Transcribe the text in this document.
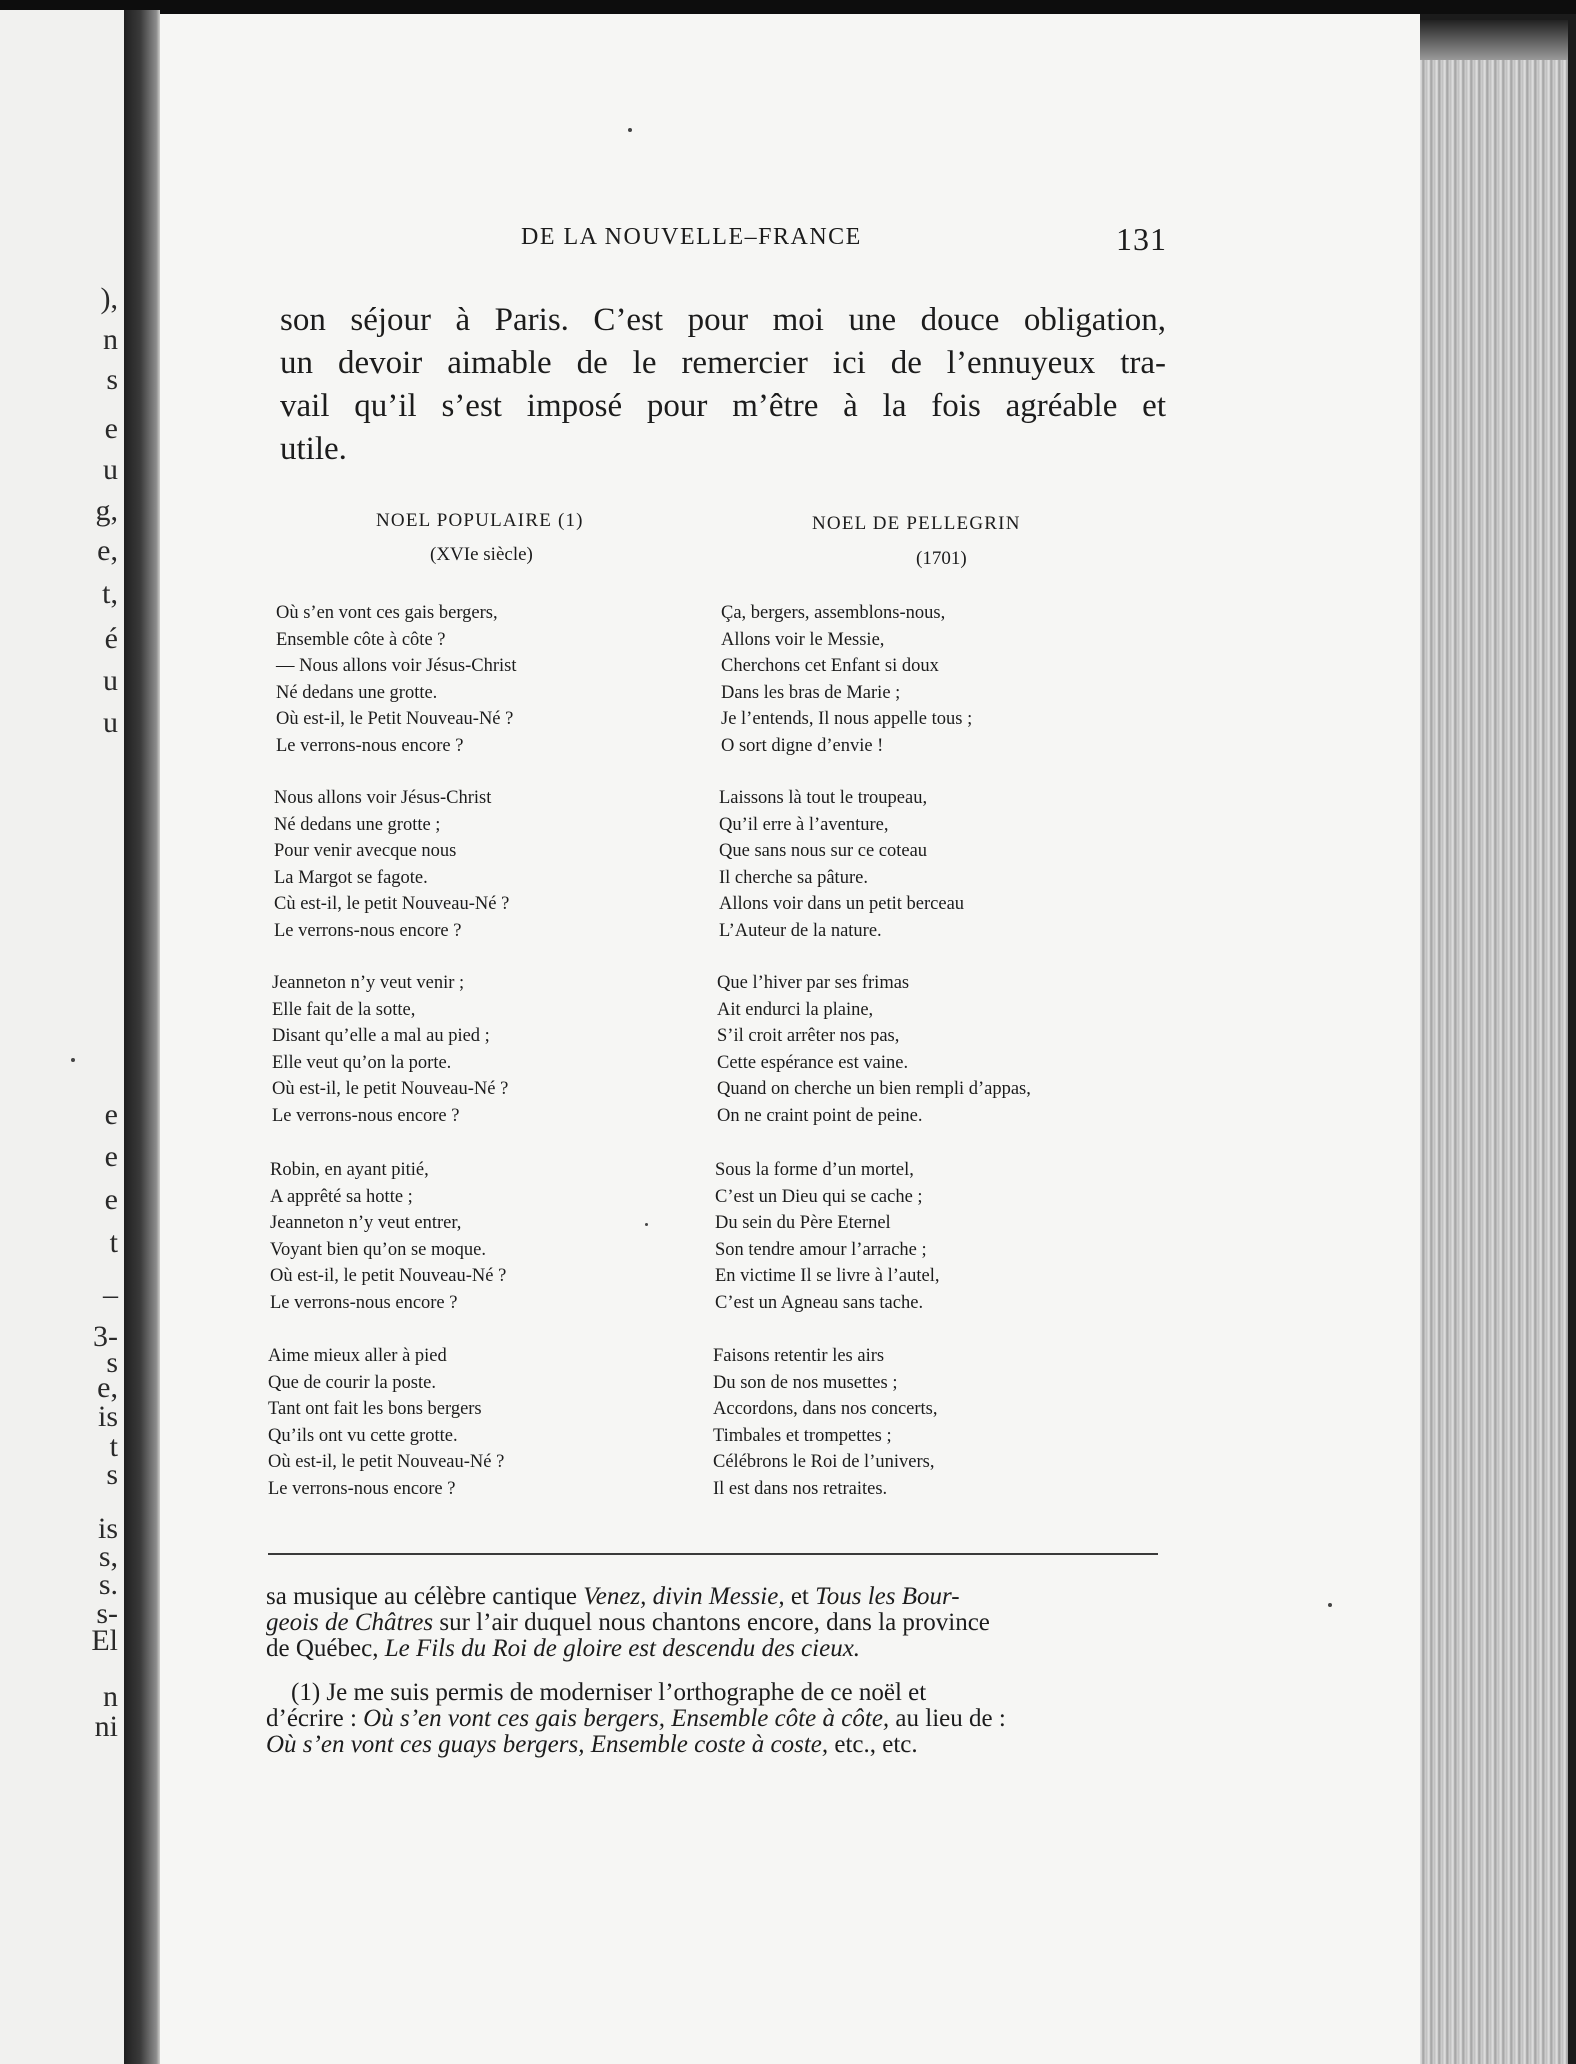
),
n
s
e
u
g,
e,
t,
é
u
u
e
e
e
t
–
3-
s
e,
is
t
s
is
s,
s.
s-
El
n
ni
DE LA NOUVELLE–FRANCE	131
son séjour à Paris. C’est pour moi une douce obligation,
un devoir aimable de le remercier ici de l’ennuyeux tra-
vail qu’il s’est imposé pour m’être à la fois agréable et
utile.
NOEL POPULAIRE (1)
(XVIe siècle)
NOEL DE PELLEGRIN
(1701)
Où s’en vont ces gais bergers,
Ensemble côte à côte ?
— Nous allons voir Jésus-Christ
Né dedans une grotte.
Où est-il, le Petit Nouveau-Né ?
Le verrons-nous encore ?
Nous allons voir Jésus-Christ
Né dedans une grotte ;
Pour venir avecque nous
La Margot se fagote.
Cù est-il, le petit Nouveau-Né ?
Le verrons-nous encore ?
Jeanneton n’y veut venir ;
Elle fait de la sotte,
Disant qu’elle a mal au pied ;
Elle veut qu’on la porte.
Où est-il, le petit Nouveau-Né ?
Le verrons-nous encore ?
Robin, en ayant pitié,
A apprêté sa hotte ;
Jeanneton n’y veut entrer,
Voyant bien qu’on se moque.
Où est-il, le petit Nouveau-Né ?
Le verrons-nous encore ?
Aime mieux aller à pied
Que de courir la poste.
Tant ont fait les bons bergers
Qu’ils ont vu cette grotte.
Où est-il, le petit Nouveau-Né ?
Le verrons-nous encore ?
Ça, bergers, assemblons-nous,
Allons voir le Messie,
Cherchons cet Enfant si doux
Dans les bras de Marie ;
Je l’entends, Il nous appelle tous ;
O sort digne d’envie !
Laissons là tout le troupeau,
Qu’il erre à l’aventure,
Que sans nous sur ce coteau
Il cherche sa pâture.
Allons voir dans un petit berceau
L’Auteur de la nature.
Que l’hiver par ses frimas
Ait endurci la plaine,
S’il croit arrêter nos pas,
Cette espérance est vaine.
Quand on cherche un bien rempli d’appas,
On ne craint point de peine.
Sous la forme d’un mortel,
C’est un Dieu qui se cache ;
Du sein du Père Eternel
Son tendre amour l’arrache ;
En victime Il se livre à l’autel,
C’est un Agneau sans tache.
Faisons retentir les airs
Du son de nos musettes ;
Accordons, dans nos concerts,
Timbales et trompettes ;
Célébrons le Roi de l’univers,
Il est dans nos retraites.
sa musique au célèbre cantique Venez, divin Messie, et Tous les Bour-
geois de Châtres sur l’air duquel nous chantons encore, dans la province
de Québec, Le Fils du Roi de gloire est descendu des cieux.
(1) Je me suis permis de moderniser l’orthographe de ce noël et
d’écrire : Où s’en vont ces gais bergers, Ensemble côte à côte, au lieu de :
Où s’en vont ces guays bergers, Ensemble coste à coste, etc., etc.
